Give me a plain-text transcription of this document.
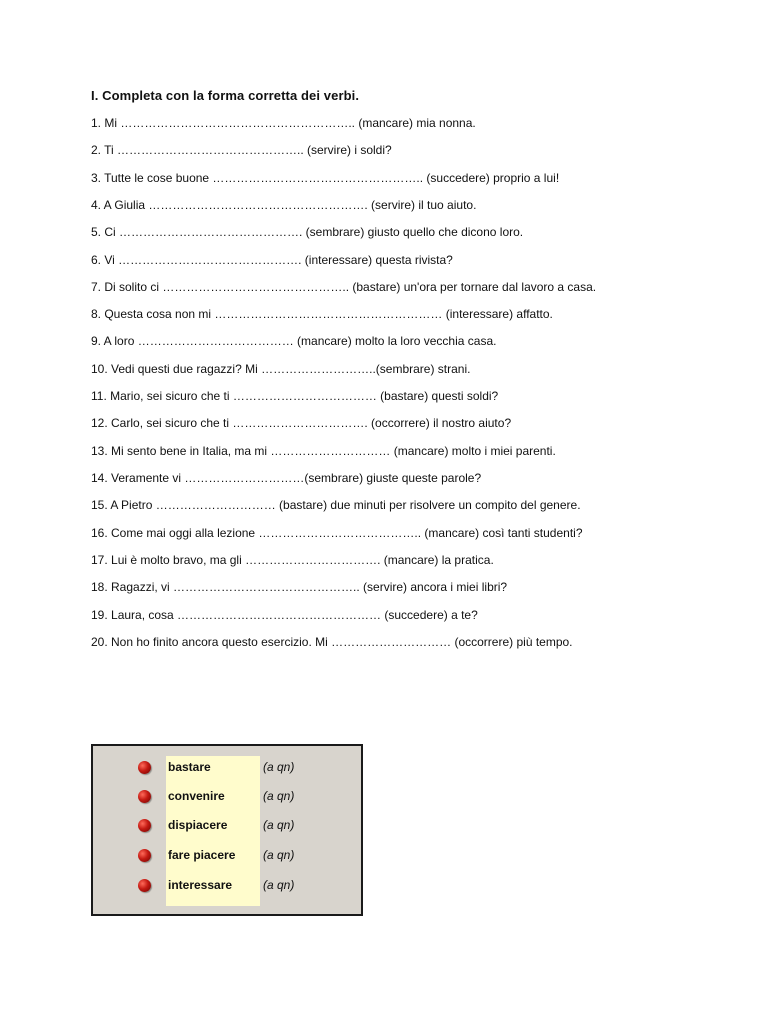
I. Completa con la forma corretta dei verbi.
1. Mi ………………………………………………….. (mancare) mia nonna.
2. Ti ……………………………………….. (servire) i soldi?
3. Tutte le cose buone …………………………………………….. (succedere) proprio a lui!
4. A Giulia ………………………………………………. (servire) il tuo aiuto.
5. Ci ………………………………………. (sembrare) giusto quello che dicono loro.
6. Vi ………………………………………. (interessare) questa rivista?
7. Di solito ci ……………………………………….. (bastare) un'ora per tornare dal lavoro a casa.
8. Questa cosa non mi ………………………………………………… (interessare) affatto.
9. A loro ………………………………… (mancare) molto la loro vecchia casa.
10. Vedi questi due ragazzi? Mi ………………………..(sembrare) strani.
11. Mario, sei sicuro che ti ……………………………… (bastare) questi soldi?
12. Carlo, sei sicuro che ti ……………………………. (occorrere) il nostro aiuto?
13. Mi sento bene in Italia, ma mi ………………………… (mancare) molto i miei parenti.
14. Veramente vi …………………………(sembrare) giuste queste parole?
15. A Pietro ………………………… (bastare) due minuti per risolvere un compito del genere.
16. Come mai oggi alla lezione ………………………………….. (mancare) così tanti studenti?
17. Lui è molto bravo, ma gli ……………………………. (mancare) la pratica.
18. Ragazzi, vi ……………………………………….. (servire) ancora i miei libri?
19. Laura, cosa …………………………………………… (succedere) a te?
20. Non ho finito ancora questo esercizio. Mi ………………………… (occorrere) più tempo.
bastare	(a qn)
convenire	(a qn)
dispiacere	(a qn)
fare piacere (a qn)
interessare	(a qn)
